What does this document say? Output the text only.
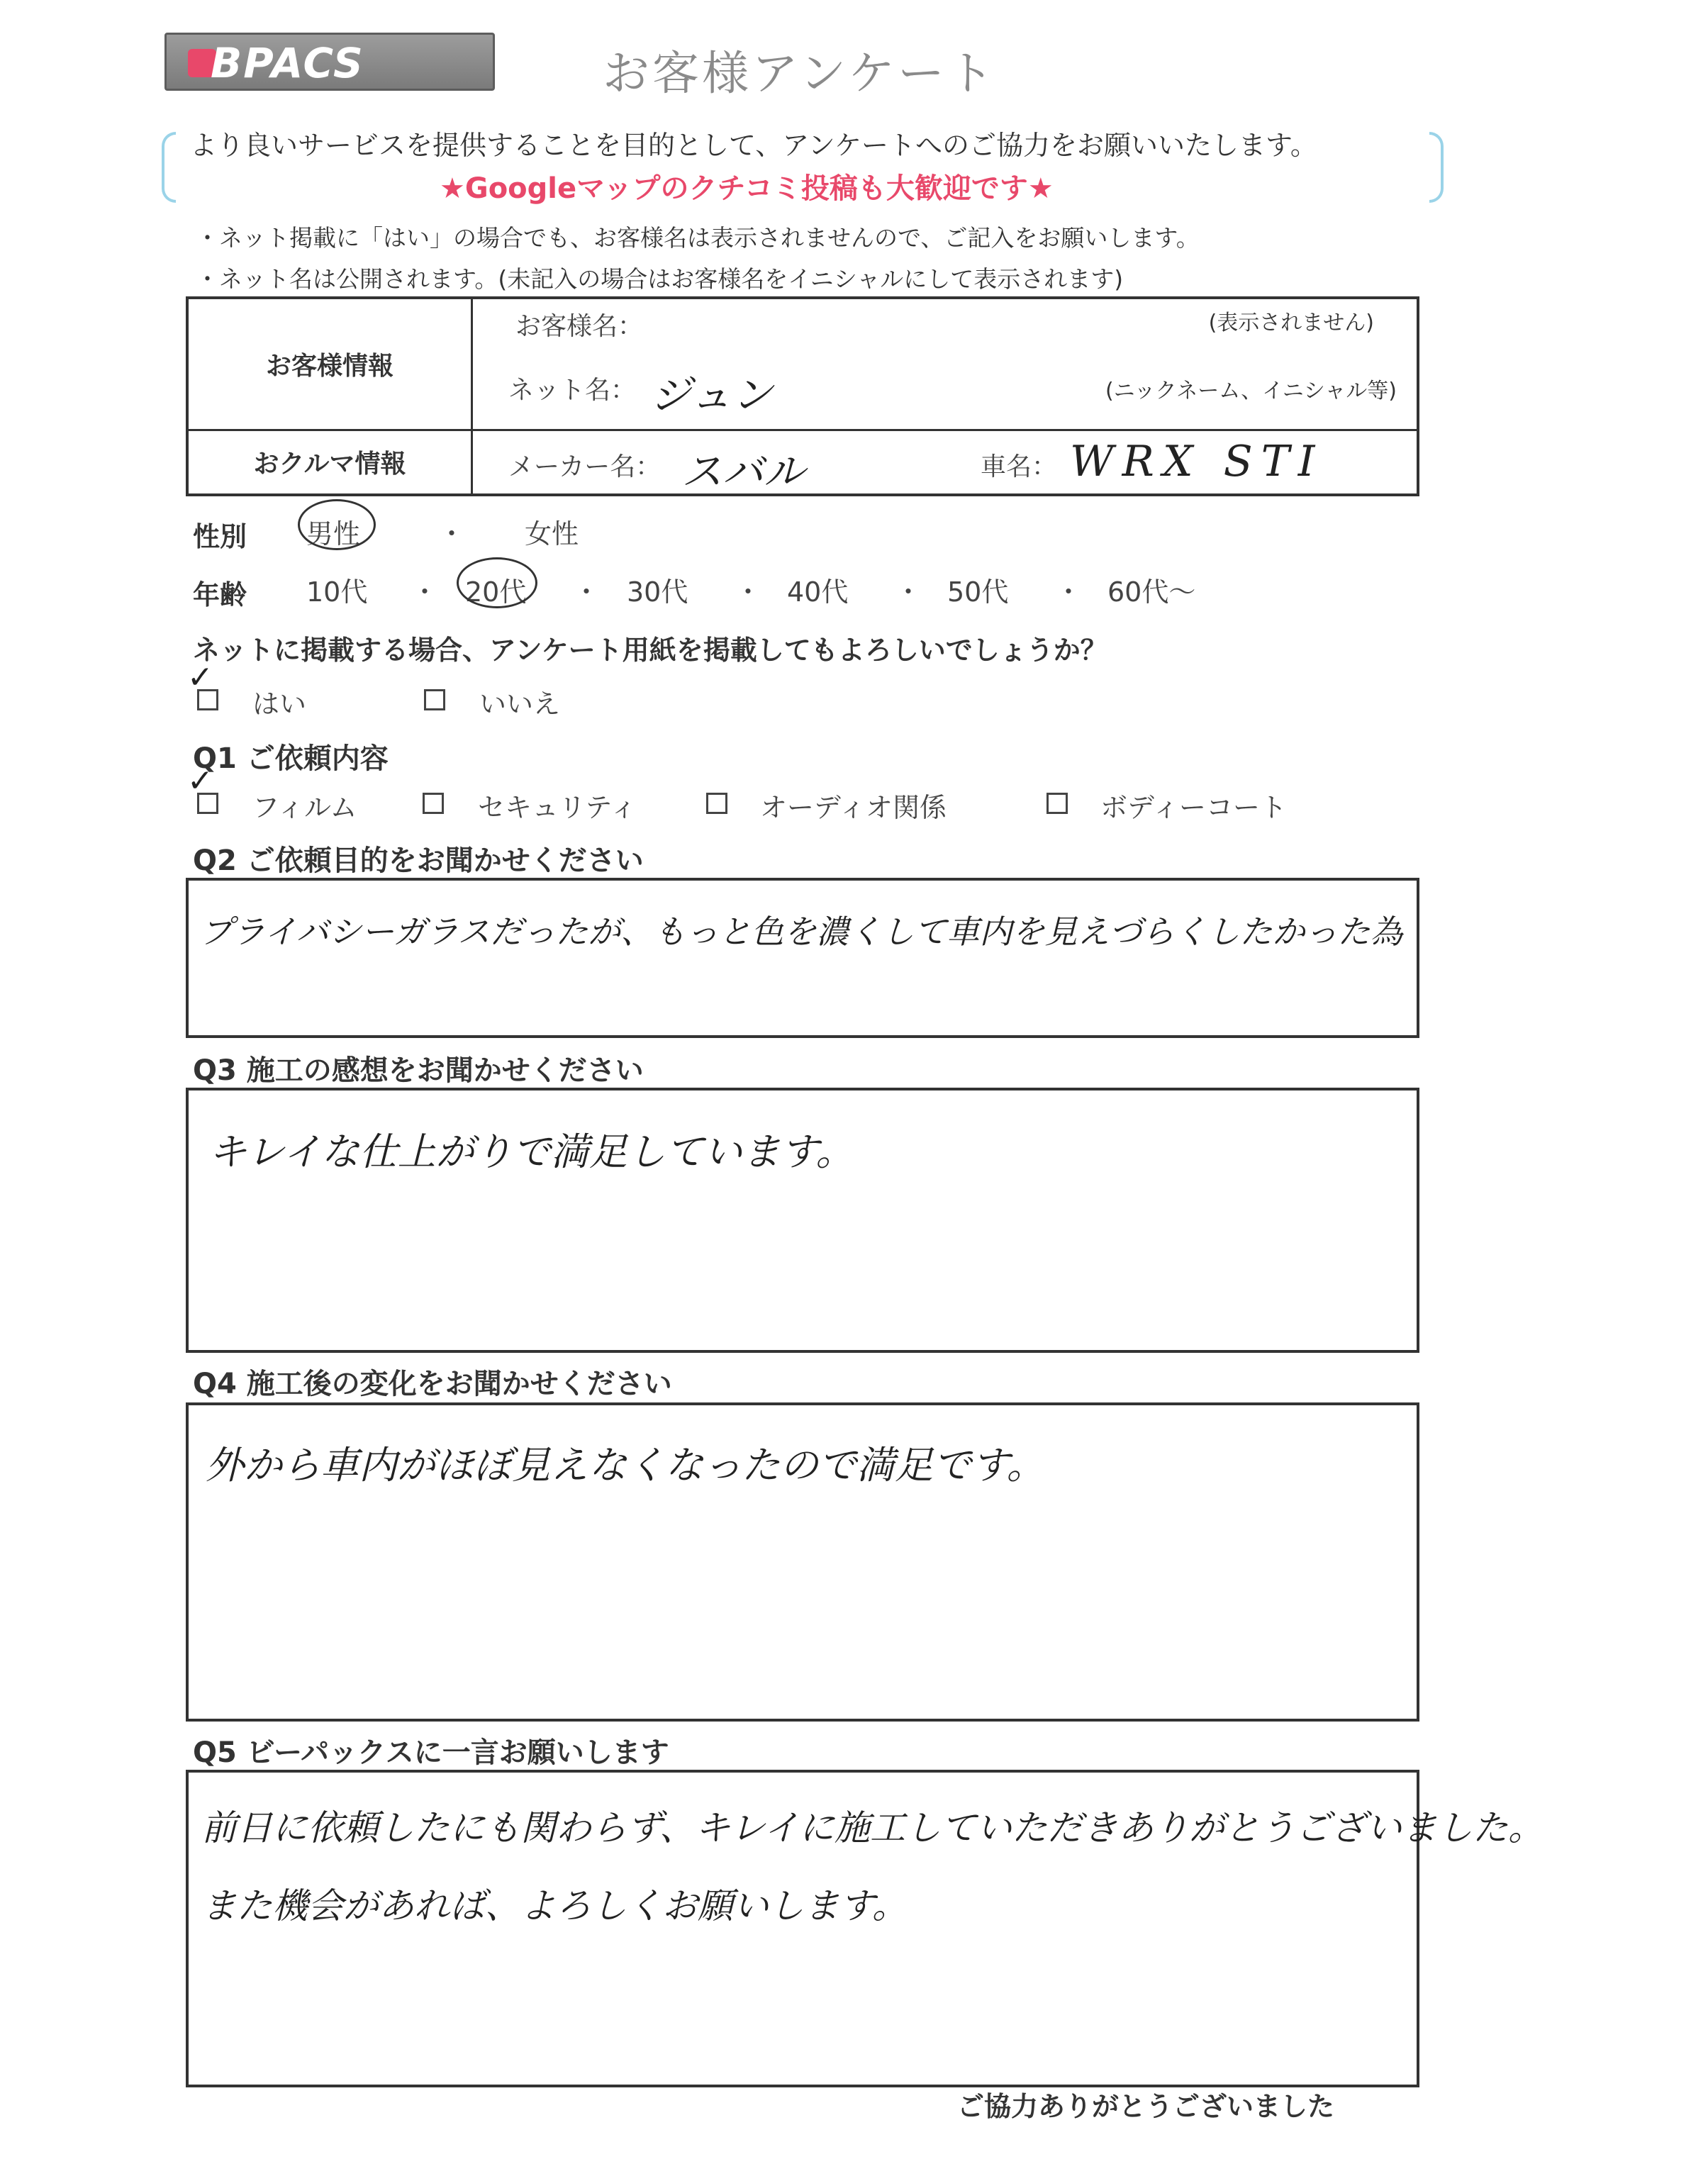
BPACS	お客様アンケート
より良いサービスを提供することを目的として、アンケートへのご協力をお願いいたします。
★Googleマップのクチコミ投稿も大歓迎です★
・ネット掲載に「はい」の場合でも、お客様名は表示されませんので、ご記入をお願いします。
・ネット名は公開されます。(未記入の場合はお客様名をイニシャルにして表示されます)
お客様情報	お客様名： (表示されません)
ネット名： ジュン (ニックネーム、イニシャル等)

おクルマ情報	メーカー名： スバル 車名： WRX STI
性別 男性	・ 女性
年齢 10代 ・ 20代 ・ 30代 ・ 40代 ・ 50代 ・ 60代～
ネットに掲載する場合、アンケート用紙を掲載してもよろしいでしょうか？
✓
はい	いいえ
Q1 ご依頼内容
✓
フィルム	セキュリティ	オーディオ関係	ボディーコート
Q2 ご依頼目的をお聞かせください
プライバシーガラスだったが、もっと色を濃くして車内を見えづらくしたかった為
Q3 施工の感想をお聞かせください
キレイな仕上がりで満足しています。
Q4 施工後の変化をお聞かせください
外から車内がほぼ見えなくなったので満足です。
Q5 ビーパックスに一言お願いします
前日に依頼したにも関わらず、キレイに施工していただきありがとうございました。
また機会があれば、よろしくお願いします。
ご協力ありがとうございました
